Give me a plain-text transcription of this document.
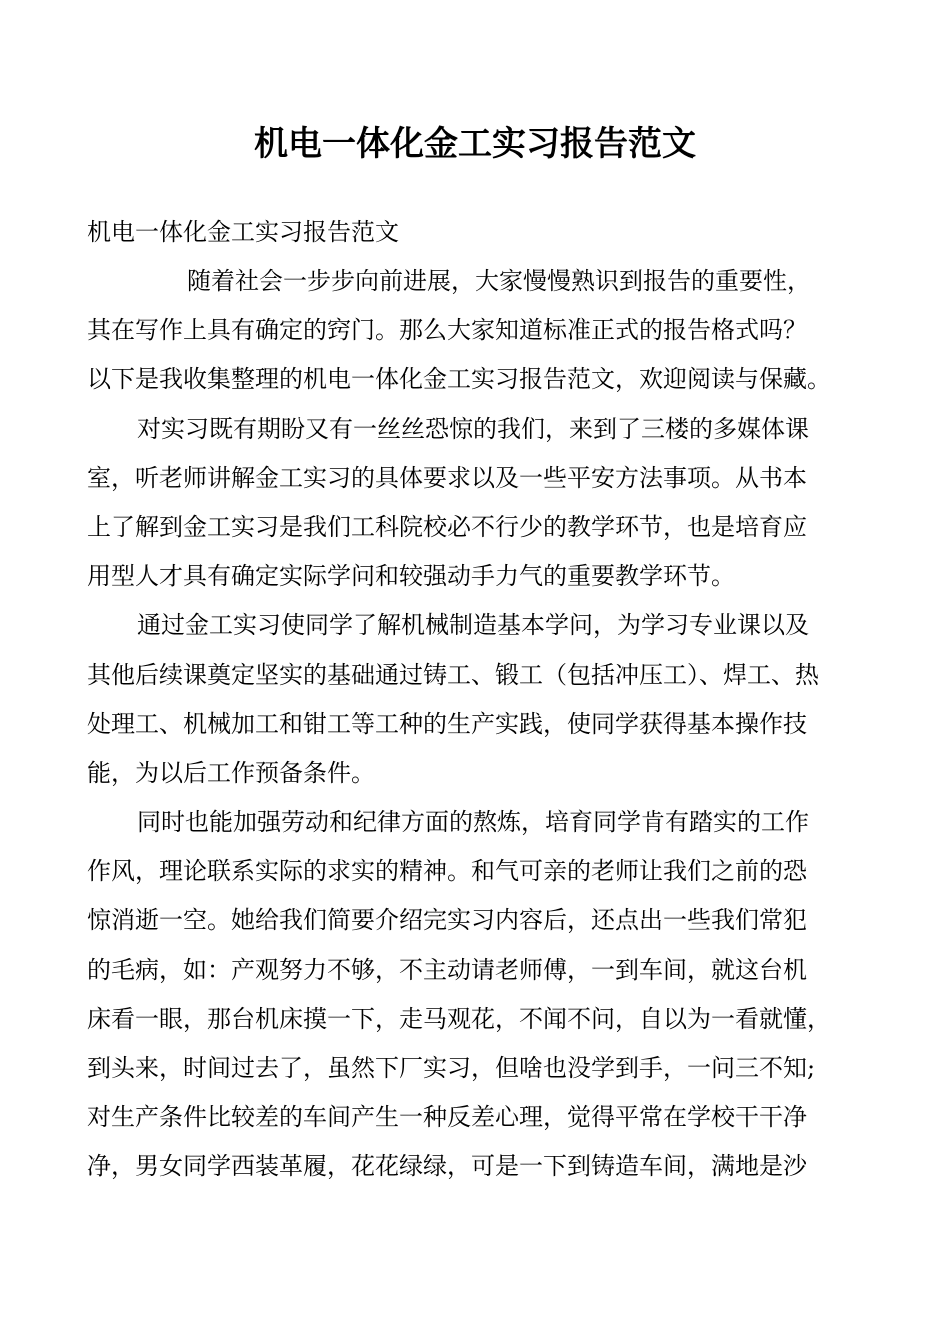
机电一体化金工实习报告范文

机电一体化金工实习报告范文

随着社会一步步向前进展，大家慢慢熟识到报告的重要性，
其在写作上具有确定的窍门。那么大家知道标准正式的报告格式吗？
以下是我收集整理的机电一体化金工实习报告范文，欢迎阅读与保藏。
对实习既有期盼又有一丝丝恐惊的我们，来到了三楼的多媒体课
室，听老师讲解金工实习的具体要求以及一些平安方法事项。从书本
上了解到金工实习是我们工科院校必不行少的教学环节，也是培育应
用型人才具有确定实际学问和较强动手力气的重要教学环节。
通过金工实习使同学了解机械制造基本学问，为学习专业课以及
其他后续课奠定坚实的基础通过铸工、锻工（包括冲压工）、焊工、热
处理工、机械加工和钳工等工种的生产实践，使同学获得基本操作技
能，为以后工作预备条件。
同时也能加强劳动和纪律方面的熬炼，培育同学肯有踏实的工作
作风，理论联系实际的求实的精神。和气可亲的老师让我们之前的恐
惊消逝一空。她给我们简要介绍完实习内容后，还点出一些我们常犯
的毛病，如：产观努力不够，不主动请老师傅，一到车间，就这台机
床看一眼，那台机床摸一下，走马观花，不闻不问，自以为一看就懂，
到头来，时间过去了，虽然下厂实习，但啥也没学到手，一问三不知;
对生产条件比较差的车间产生一种反差心理，觉得平常在学校干干净
净，男女同学西装革履，花花绿绿，可是一下到铸造车间，满地是沙
